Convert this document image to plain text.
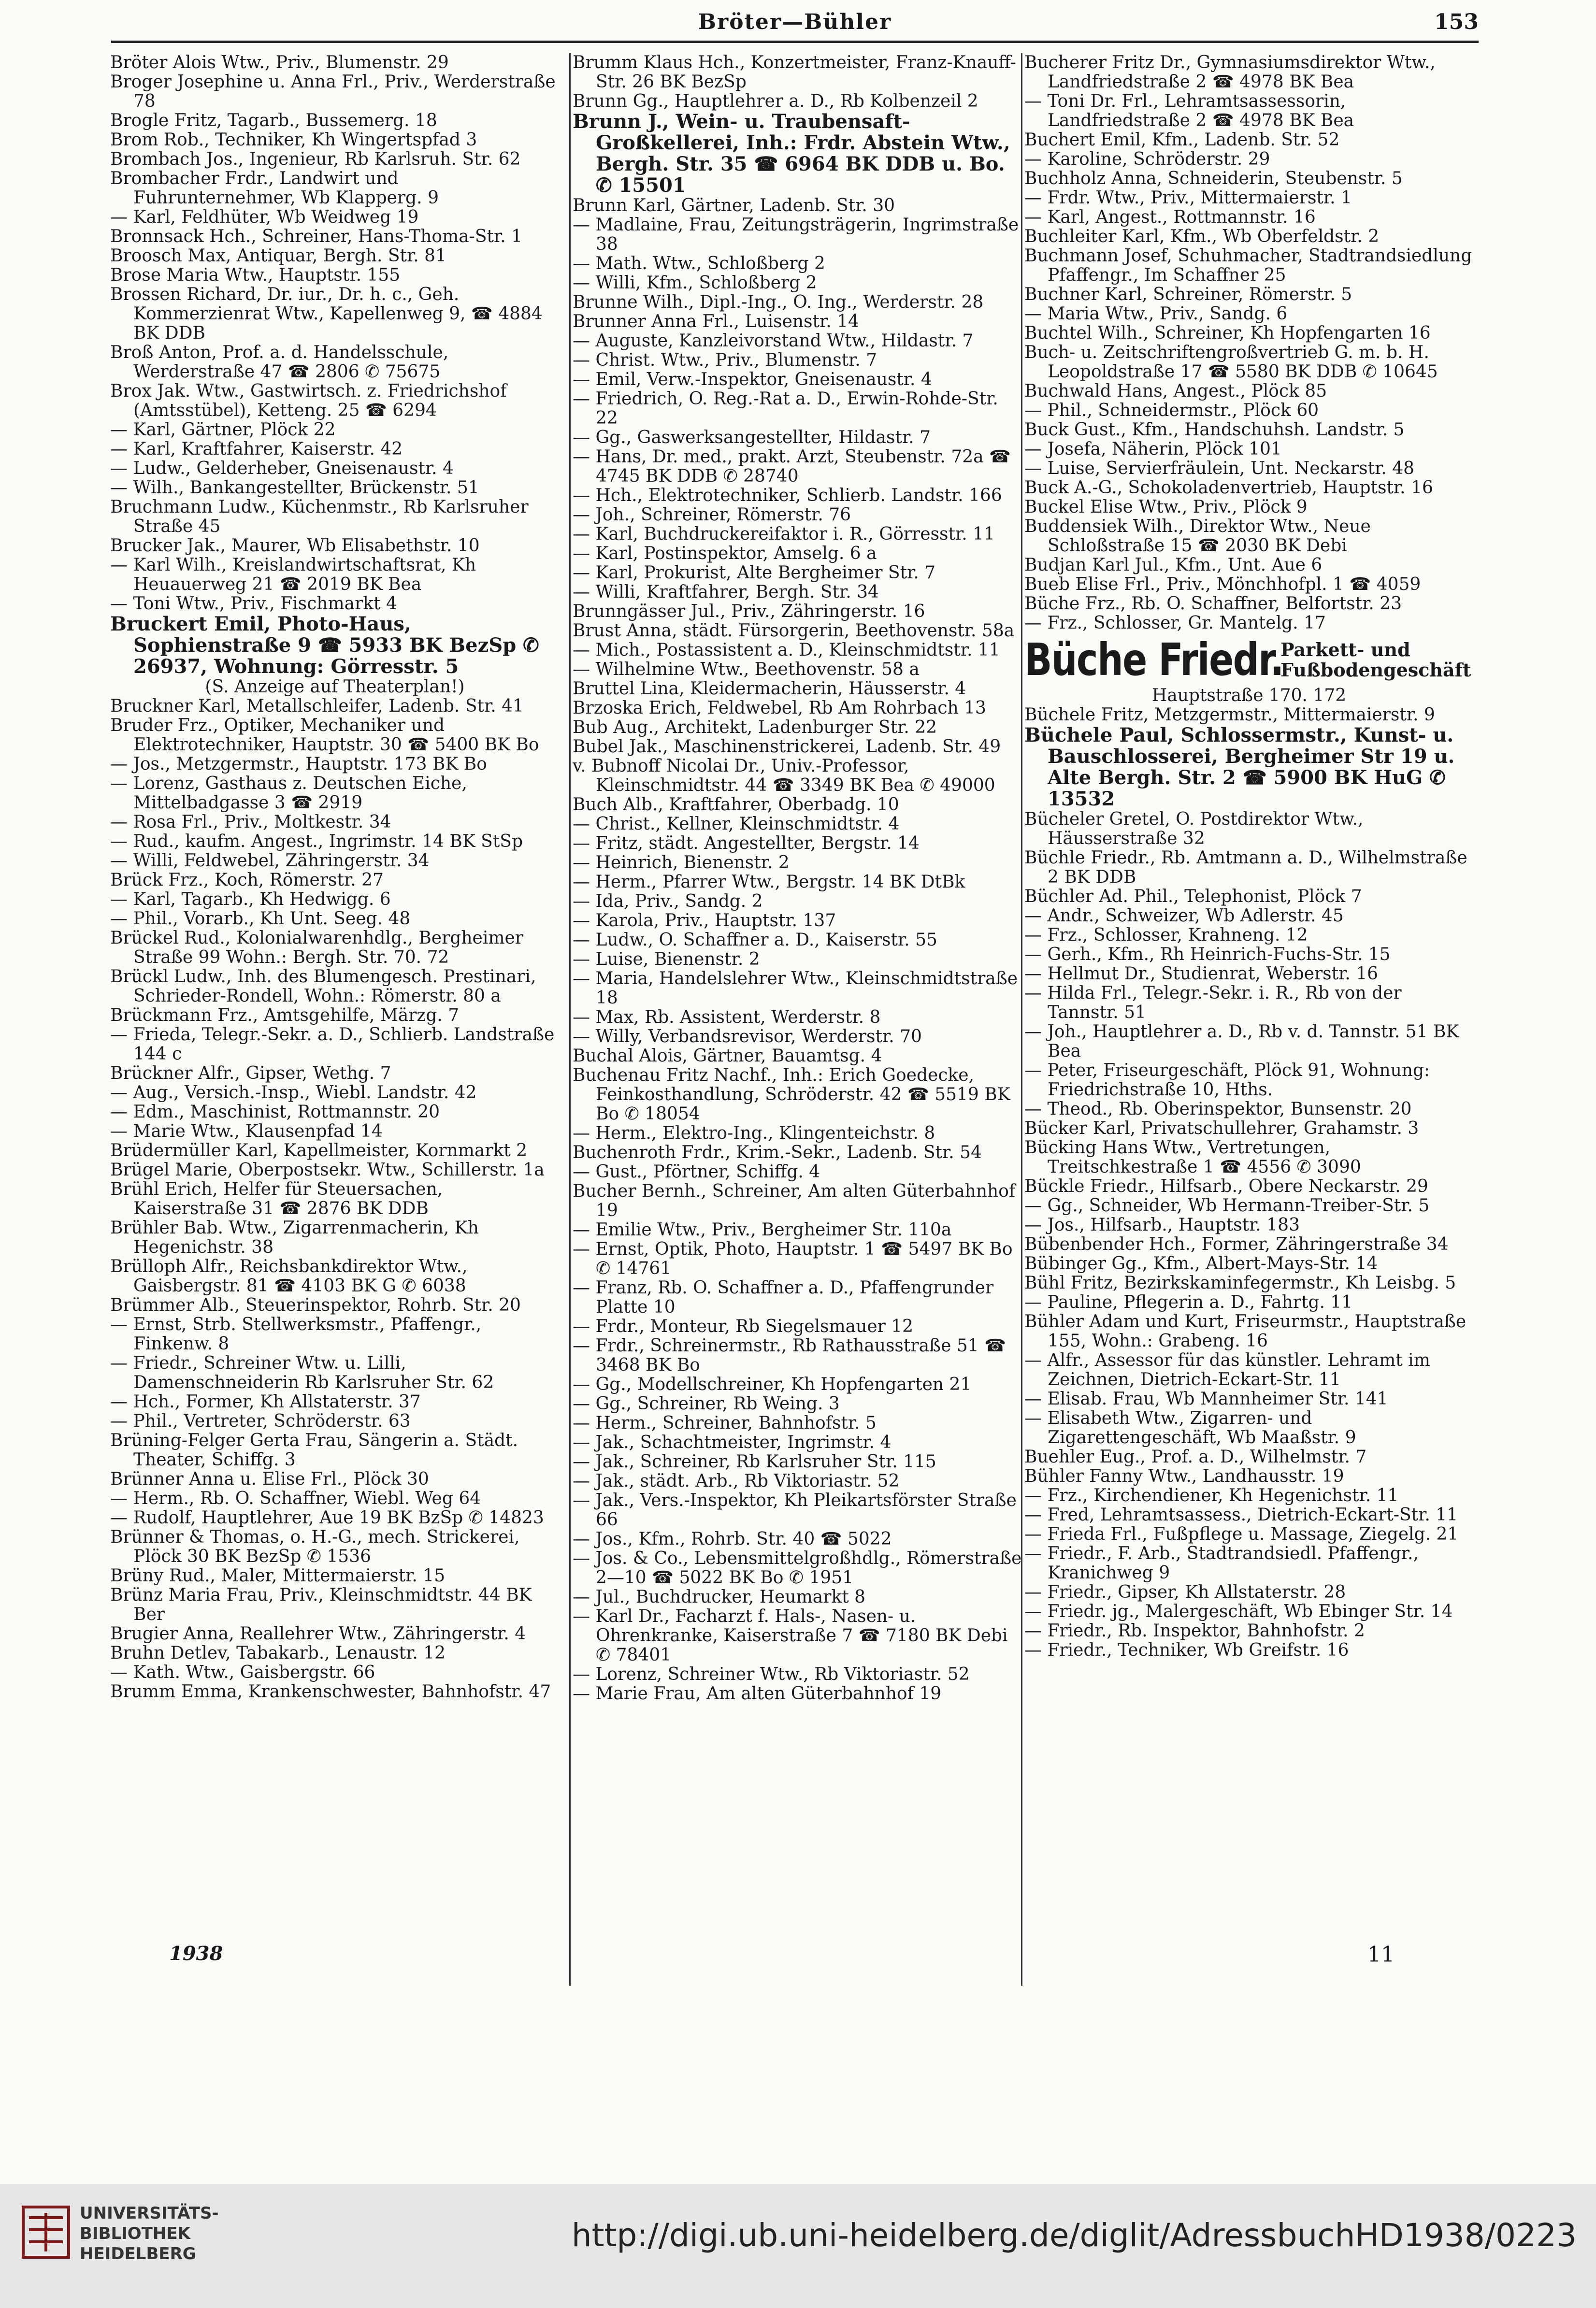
Bröter—Bühler	153

Bröter Alois Wtw., Priv., Blumenstr. 29

Broger Josephine u. Anna Frl., Priv., Werderstraße 78

Brogle Fritz, Tagarb., Bussemerg. 18

Brom Rob., Techniker, Kh Wingertspfad 3

Brombach Jos., Ingenieur, Rb Karlsruh. Str. 62

Brombacher Frdr., Landwirt und Fuhrunternehmer, Wb Klapperg. 9

— Karl, Feldhüter, Wb Weidweg 19

Bronnsack Hch., Schreiner, Hans-Thoma-Str. 1

Broosch Max, Antiquar, Bergh. Str. 81

Brose Maria Wtw., Hauptstr. 155

Brossen Richard, Dr. iur., Dr. h. c., Geh. Kommerzienrat Wtw., Kapellenweg 9, ☎ 4884 BK DDB

Broß Anton, Prof. a. d. Handelsschule, Werderstraße 47 ☎ 2806 ✆ 75675

Brox Jak. Wtw., Gastwirtsch. z. Friedrichshof (Amtsstübel), Ketteng. 25 ☎ 6294

— Karl, Gärtner, Plöck 22

— Karl, Kraftfahrer, Kaiserstr. 42

— Ludw., Gelderheber, Gneisenaustr. 4

— Wilh., Bankangestellter, Brückenstr. 51

Bruchmann Ludw., Küchenmstr., Rb Karlsruher Straße 45

Brucker Jak., Maurer, Wb Elisabethstr. 10

— Karl Wilh., Kreislandwirtschaftsrat, Kh Heuauerweg 21 ☎ 2019 BK Bea

— Toni Wtw., Priv., Fischmarkt 4

Bruckert Emil, Photo-Haus, Sophienstraße 9 ☎ 5933 BK BezSp ✆ 26937, Wohnung: Görresstr. 5

(S. Anzeige auf Theaterplan!)

Bruckner Karl, Metallschleifer, Ladenb. Str. 41

Bruder Frz., Optiker, Mechaniker und Elektrotechniker, Hauptstr. 30 ☎ 5400 BK Bo

— Jos., Metzgermstr., Hauptstr. 173 BK Bo

— Lorenz, Gasthaus z. Deutschen Eiche, Mittelbadgasse 3 ☎ 2919

— Rosa Frl., Priv., Moltkestr. 34

— Rud., kaufm. Angest., Ingrimstr. 14 BK StSp

— Willi, Feldwebel, Zähringerstr. 34

Brück Frz., Koch, Römerstr. 27

— Karl, Tagarb., Kh Hedwigg. 6

— Phil., Vorarb., Kh Unt. Seeg. 48

Brückel Rud., Kolonialwarenhdlg., Bergheimer Straße 99 Wohn.: Bergh. Str. 70. 72

Brückl Ludw., Inh. des Blumengesch. Prestinari, Schrieder-Rondell, Wohn.: Römerstr. 80 a

Brückmann Frz., Amtsgehilfe, Märzg. 7

— Frieda, Telegr.-Sekr. a. D., Schlierb. Landstraße 144 c

Brückner Alfr., Gipser, Wethg. 7

— Aug., Versich.-Insp., Wiebl. Landstr. 42

— Edm., Maschinist, Rottmannstr. 20

— Marie Wtw., Klausenpfad 14

Brüdermüller Karl, Kapellmeister, Kornmarkt 2

Brügel Marie, Oberpostsekr. Wtw., Schillerstr. 1a

Brühl Erich, Helfer für Steuersachen, Kaiserstraße 31 ☎ 2876 BK DDB

Brühler Bab. Wtw., Zigarrenmacherin, Kh Hegenichstr. 38

Brülloph Alfr., Reichsbankdirektor Wtw., Gaisbergstr. 81 ☎ 4103 BK G ✆ 6038

Brümmer Alb., Steuerinspektor, Rohrb. Str. 20

— Ernst, Strb. Stellwerksmstr., Pfaffengr., Finkenw. 8

— Friedr., Schreiner Wtw. u. Lilli, Damenschneiderin Rb Karlsruher Str. 62

— Hch., Former, Kh Allstaterstr. 37

— Phil., Vertreter, Schröderstr. 63

Brüning-Felger Gerta Frau, Sängerin a. Städt. Theater, Schiffg. 3

Brünner Anna u. Elise Frl., Plöck 30

— Herm., Rb. O. Schaffner, Wiebl. Weg 64

— Rudolf, Hauptlehrer, Aue 19 BK BzSp ✆ 14823

Brünner & Thomas, o. H.-G., mech. Strickerei, Plöck 30 BK BezSp ✆ 1536

Brüny Rud., Maler, Mittermaierstr. 15

Brünz Maria Frau, Priv., Kleinschmidtstr. 44 BK Ber

Brugier Anna, Reallehrer Wtw., Zähringerstr. 4

Bruhn Detlev, Tabakarb., Lenaustr. 12

— Kath. Wtw., Gaisbergstr. 66

Brumm Emma, Krankenschwester, Bahnhofstr. 47

Brumm Klaus Hch., Konzertmeister, Franz-Knauff-Str. 26 BK BezSp

Brunn Gg., Hauptlehrer a. D., Rb Kolbenzeil 2

Brunn J., Wein- u. Traubensaft-Großkellerei, Inh.: Frdr. Abstein Wtw., Bergh. Str. 35 ☎ 6964 BK DDB u. Bo. ✆ 15501

Brunn Karl, Gärtner, Ladenb. Str. 30

— Madlaine, Frau, Zeitungsträgerin, Ingrimstraße 38

— Math. Wtw., Schloßberg 2

— Willi, Kfm., Schloßberg 2

Brunne Wilh., Dipl.-Ing., O. Ing., Werderstr. 28

Brunner Anna Frl., Luisenstr. 14

— Auguste, Kanzleivorstand Wtw., Hildastr. 7

— Christ. Wtw., Priv., Blumenstr. 7

— Emil, Verw.-Inspektor, Gneisenaustr. 4

— Friedrich, O. Reg.-Rat a. D., Erwin-Rohde-Str. 22

— Gg., Gaswerksangestellter, Hildastr. 7

— Hans, Dr. med., prakt. Arzt, Steubenstr. 72a ☎ 4745 BK DDB ✆ 28740

— Hch., Elektrotechniker, Schlierb. Landstr. 166

— Joh., Schreiner, Römerstr. 76

— Karl, Buchdruckereifaktor i. R., Görresstr. 11

— Karl, Postinspektor, Amselg. 6 a

— Karl, Prokurist, Alte Bergheimer Str. 7

— Willi, Kraftfahrer, Bergh. Str. 34

Brunngässer Jul., Priv., Zähringerstr. 16

Brust Anna, städt. Fürsorgerin, Beethovenstr. 58a

— Mich., Postassistent a. D., Kleinschmidtstr. 11

— Wilhelmine Wtw., Beethovenstr. 58 a

Bruttel Lina, Kleidermacherin, Häusserstr. 4

Brzoska Erich, Feldwebel, Rb Am Rohrbach 13

Bub Aug., Architekt, Ladenburger Str. 22

Bubel Jak., Maschinenstrickerei, Ladenb. Str. 49

v. Bubnoff Nicolai Dr., Univ.-Professor, Kleinschmidtstr. 44 ☎ 3349 BK Bea ✆ 49000

Buch Alb., Kraftfahrer, Oberbadg. 10

— Christ., Kellner, Kleinschmidtstr. 4

— Fritz, städt. Angestellter, Bergstr. 14

— Heinrich, Bienenstr. 2

— Herm., Pfarrer Wtw., Bergstr. 14 BK DtBk

— Ida, Priv., Sandg. 2

— Karola, Priv., Hauptstr. 137

— Ludw., O. Schaffner a. D., Kaiserstr. 55

— Luise, Bienenstr. 2

— Maria, Handelslehrer Wtw., Kleinschmidtstraße 18

— Max, Rb. Assistent, Werderstr. 8

— Willy, Verbandsrevisor, Werderstr. 70

Buchal Alois, Gärtner, Bauamtsg. 4

Buchenau Fritz Nachf., Inh.: Erich Goedecke, Feinkosthandlung, Schröderstr. 42 ☎ 5519 BK Bo ✆ 18054

— Herm., Elektro-Ing., Klingenteichstr. 8

Buchenroth Frdr., Krim.-Sekr., Ladenb. Str. 54

— Gust., Pförtner, Schiffg. 4

Bucher Bernh., Schreiner, Am alten Güterbahnhof 19

— Emilie Wtw., Priv., Bergheimer Str. 110a

— Ernst, Optik, Photo, Hauptstr. 1 ☎ 5497 BK Bo ✆ 14761

— Franz, Rb. O. Schaffner a. D., Pfaffengrunder Platte 10

— Frdr., Monteur, Rb Siegelsmauer 12

— Frdr., Schreinermstr., Rb Rathausstraße 51 ☎ 3468 BK Bo

— Gg., Modellschreiner, Kh Hopfengarten 21

— Gg., Schreiner, Rb Weing. 3

— Herm., Schreiner, Bahnhofstr. 5

— Jak., Schachtmeister, Ingrimstr. 4

— Jak., Schreiner, Rb Karlsruher Str. 115

— Jak., städt. Arb., Rb Viktoriastr. 52

— Jak., Vers.-Inspektor, Kh Pleikartsförster Straße 66

— Jos., Kfm., Rohrb. Str. 40 ☎ 5022

— Jos. & Co., Lebensmittelgroßhdlg., Römerstraße 2—10 ☎ 5022 BK Bo ✆ 1951

— Jul., Buchdrucker, Heumarkt 8

— Karl Dr., Facharzt f. Hals-, Nasen- u. Ohrenkranke, Kaiserstraße 7 ☎ 7180 BK Debi ✆ 78401

— Lorenz, Schreiner Wtw., Rb Viktoriastr. 52

— Marie Frau, Am alten Güterbahnhof 19

Bucherer Fritz Dr., Gymnasiumsdirektor Wtw., Landfriedstraße 2 ☎ 4978 BK Bea

— Toni Dr. Frl., Lehramtsassessorin, Landfriedstraße 2 ☎ 4978 BK Bea

Buchert Emil, Kfm., Ladenb. Str. 52

— Karoline, Schröderstr. 29

Buchholz Anna, Schneiderin, Steubenstr. 5

— Frdr. Wtw., Priv., Mittermaierstr. 1

— Karl, Angest., Rottmannstr. 16

Buchleiter Karl, Kfm., Wb Oberfeldstr. 2

Buchmann Josef, Schuhmacher, Stadtrandsiedlung Pfaffengr., Im Schaffner 25

Buchner Karl, Schreiner, Römerstr. 5

— Maria Wtw., Priv., Sandg. 6

Buchtel Wilh., Schreiner, Kh Hopfengarten 16

Buch- u. Zeitschriftengroßvertrieb G. m. b. H. Leopoldstraße 17 ☎ 5580 BK DDB ✆ 10645

Buchwald Hans, Angest., Plöck 85

— Phil., Schneidermstr., Plöck 60

Buck Gust., Kfm., Handschuhsh. Landstr. 5

— Josefa, Näherin, Plöck 101

— Luise, Servierfräulein, Unt. Neckarstr. 48

Buck A.-G., Schokoladenvertrieb, Hauptstr. 16

Buckel Elise Wtw., Priv., Plöck 9

Buddensiek Wilh., Direktor Wtw., Neue Schloßstraße 15 ☎ 2030 BK Debi

Budjan Karl Jul., Kfm., Unt. Aue 6

Bueb Elise Frl., Priv., Mönchhofpl. 1 ☎ 4059

Büche Frz., Rb. O. Schaffner, Belfortstr. 23

— Frz., Schlosser, Gr. Mantelg. 17

Büche Friedr.
Parkett- und Fußbodengeschäft

Hauptstraße 170. 172

Büchele Fritz, Metzgermstr., Mittermaierstr. 9

Büchele Paul, Schlossermstr., Kunst- u. Bauschlosserei, Bergheimer Str 19 u. Alte Bergh. Str. 2 ☎ 5900 BK HuG ✆ 13532

Bücheler Gretel, O. Postdirektor Wtw., Häusserstraße 32

Büchle Friedr., Rb. Amtmann a. D., Wilhelmstraße 2 BK DDB

Büchler Ad. Phil., Telephonist, Plöck 7

— Andr., Schweizer, Wb Adlerstr. 45

— Frz., Schlosser, Krahneng. 12

— Gerh., Kfm., Rh Heinrich-Fuchs-Str. 15

— Hellmut Dr., Studienrat, Weberstr. 16

— Hilda Frl., Telegr.-Sekr. i. R., Rb von der Tannstr. 51

— Joh., Hauptlehrer a. D., Rb v. d. Tannstr. 51 BK Bea

— Peter, Friseurgeschäft, Plöck 91, Wohnung: Friedrichstraße 10, Hths.

— Theod., Rb. Oberinspektor, Bunsenstr. 20

Bücker Karl, Privatschullehrer, Grahamstr. 3

Bücking Hans Wtw., Vertretungen, Treitschkestraße 1 ☎ 4556 ✆ 3090

Bückle Friedr., Hilfsarb., Obere Neckarstr. 29

— Gg., Schneider, Wb Hermann-Treiber-Str. 5

— Jos., Hilfsarb., Hauptstr. 183

Bübenbender Hch., Former, Zähringerstraße 34

Bübinger Gg., Kfm., Albert-Mays-Str. 14

Bühl Fritz, Bezirkskaminfegermstr., Kh Leisbg. 5

— Pauline, Pflegerin a. D., Fahrtg. 11

Bühler Adam und Kurt, Friseurmstr., Hauptstraße 155, Wohn.: Grabeng. 16

— Alfr., Assessor für das künstler. Lehramt im Zeichnen, Dietrich-Eckart-Str. 11

— Elisab. Frau, Wb Mannheimer Str. 141

— Elisabeth Wtw., Zigarren- und Zigarettengeschäft, Wb Maaßstr. 9

Buehler Eug., Prof. a. D., Wilhelmstr. 7

Bühler Fanny Wtw., Landhausstr. 19

— Frz., Kirchendiener, Kh Hegenichstr. 11

— Fred, Lehramtsassess., Dietrich-Eckart-Str. 11

— Frieda Frl., Fußpflege u. Massage, Ziegelg. 21

— Friedr., F. Arb., Stadtrandsiedl. Pfaffengr., Kranichweg 9

— Friedr., Gipser, Kh Allstaterstr. 28

— Friedr. jg., Malergeschäft, Wb Ebinger Str. 14

— Friedr., Rb. Inspektor, Bahnhofstr. 2

— Friedr., Techniker, Wb Greifstr. 16

1938	11
UNIVERSITÄTS-
BIBLIOTHEK
HEIDELBERG	http://digi.ub.uni-heidelberg.de/diglit/AdressbuchHD1938/0223
